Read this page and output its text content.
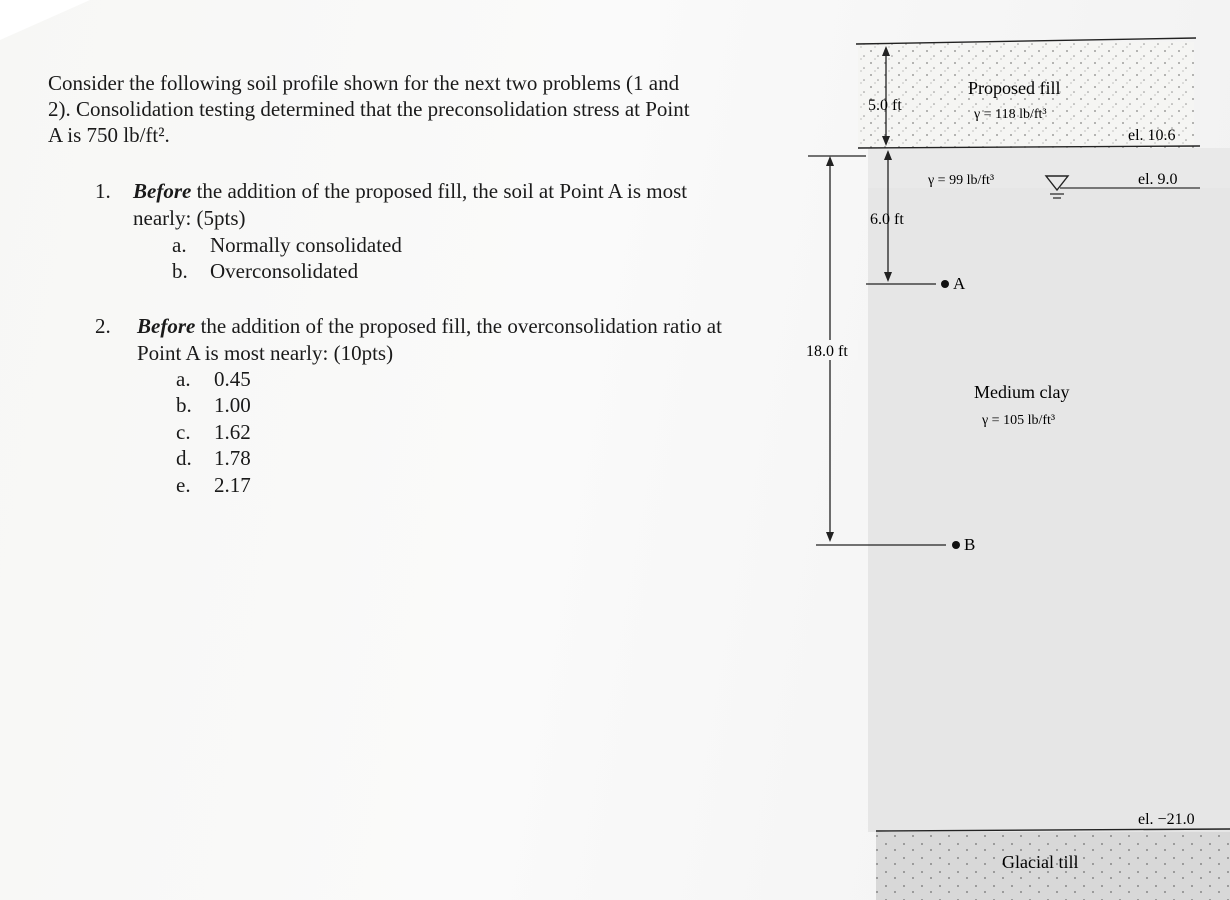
Consider the following soil profile shown for the next two problems (1 and
2). Consolidation testing determined that the preconsolidation stress at Point
A is 750 lb/ft².
1. Before the addition of the proposed fill, the soil at Point A is most
nearly: (5pts)
a. Normally consolidated
b. Overconsolidated
2. Before the addition of the proposed fill, the overconsolidation ratio at
Point A is most nearly: (10pts)
a. 0.45
b. 1.00
c. 1.62
d. 1.78
e. 2.17
5.0 ft
Proposed fill
γ = 118 lb/ft³
el. 10.6
γ = 99 lb/ft³	el. 9.0
6.0 ft
A
18.0 ft
Medium clay
γ = 105 lb/ft³
B
el. −21.0
Glacial till
